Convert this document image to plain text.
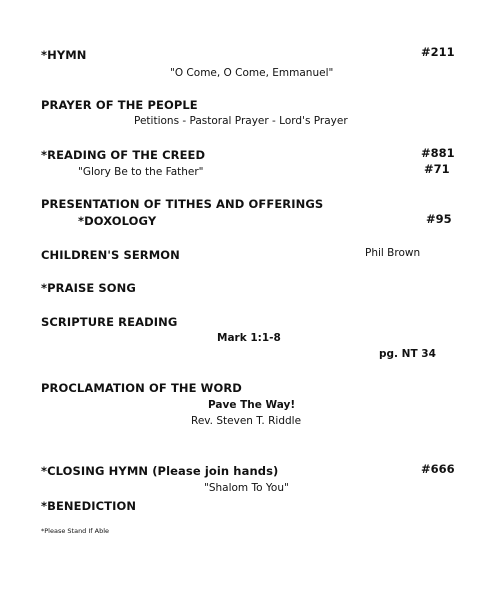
*HYMN	#211
"O Come, O Come, Emmanuel"
PRAYER OF THE PEOPLE
Petitions - Pastoral Prayer - Lord's Prayer
*READING OF THE CREED	#881
"Glory Be to the Father"	#71
PRESENTATION OF TITHES AND OFFERINGS
*DOXOLOGY	#95
CHILDREN'S SERMON	Phil Brown
*PRAISE SONG
SCRIPTURE READING
Mark 1:1-8
pg. NT 34
PROCLAMATION OF THE WORD
Pave The Way!
Rev. Steven T. Riddle
*CLOSING HYMN (Please join hands)	#666
"Shalom To You"
*BENEDICTION
*Please Stand If Able
